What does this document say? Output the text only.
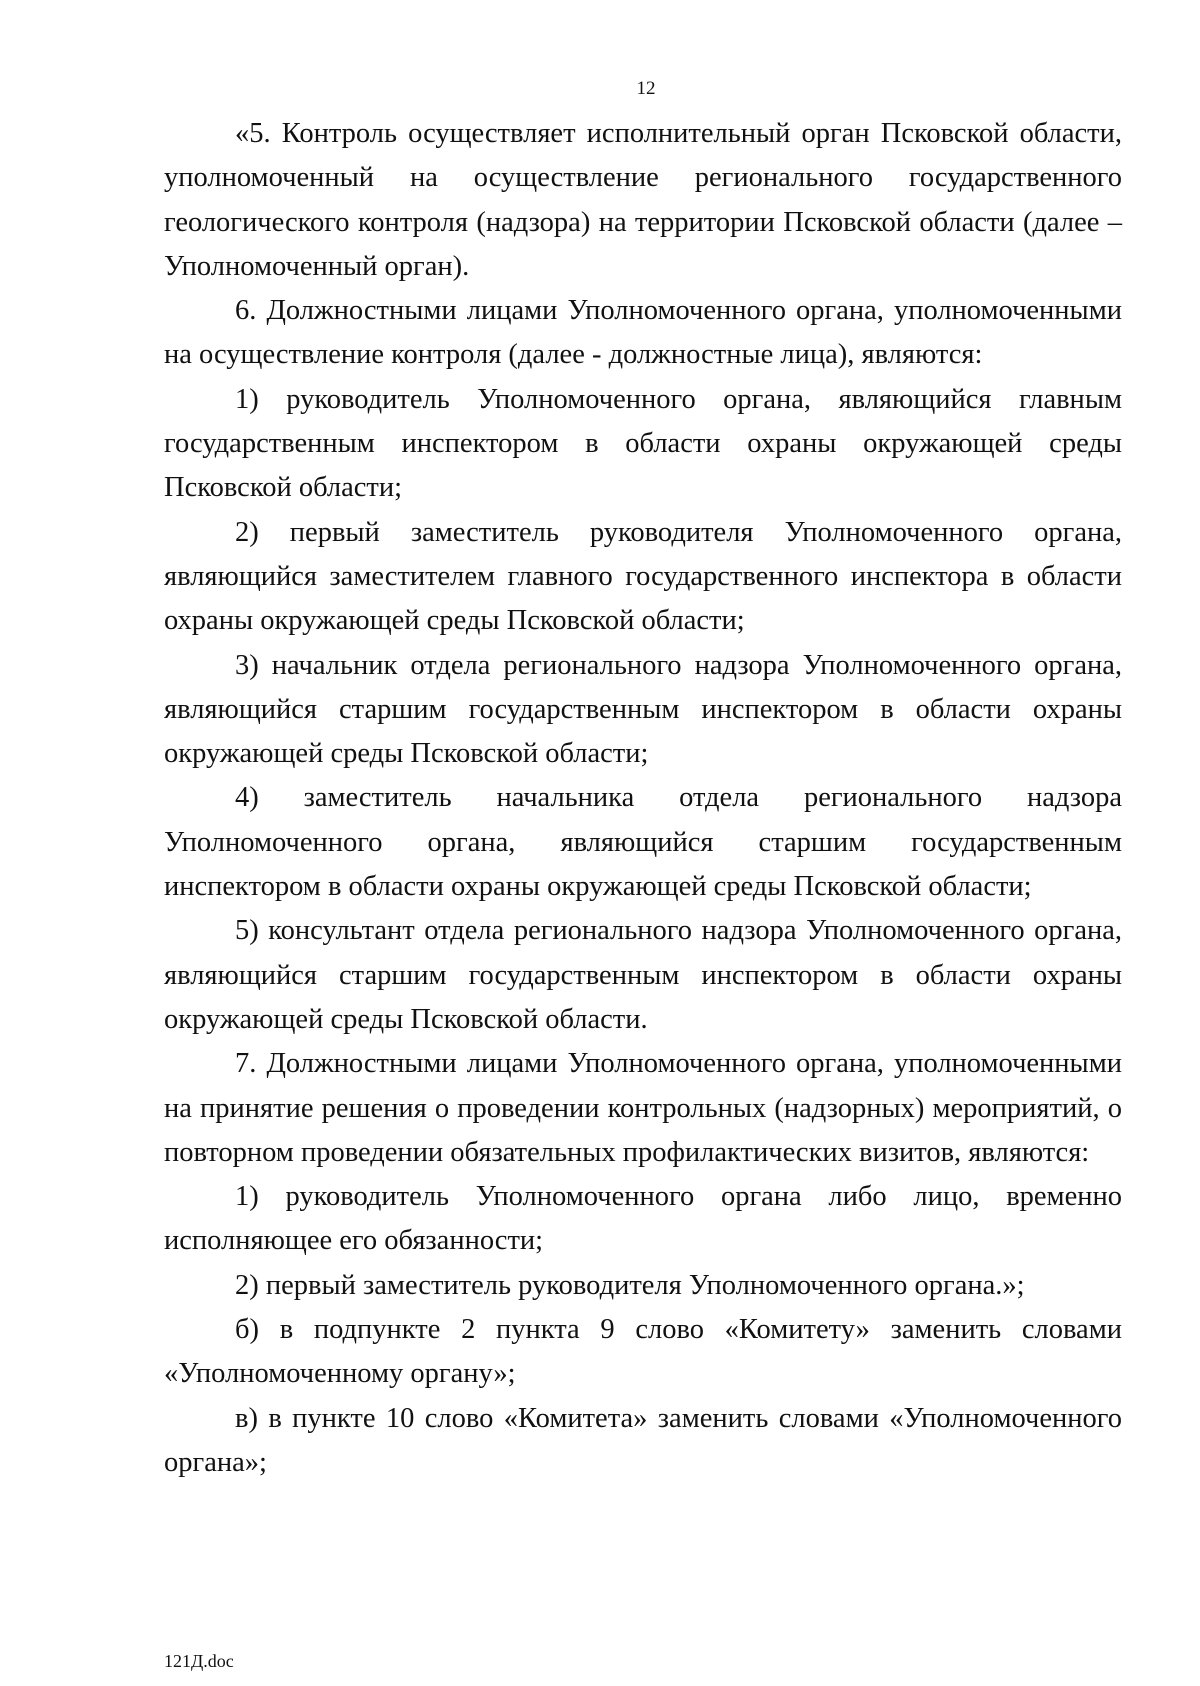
12

«5. Контроль осуществляет исполнительный орган Псковской области, уполномоченный на осуществление регионального государственного геологического контроля (надзора) на территории Псковской области (далее – Уполномоченный орган).

6. Должностными лицами Уполномоченного органа, уполномоченными на осуществление контроля (далее - должностные лица), являются:

1) руководитель Уполномоченного органа, являющийся главным государственным инспектором в области охраны окружающей среды Псковской области;

2) первый заместитель руководителя Уполномоченного органа, являющийся заместителем главного государственного инспектора в области охраны окружающей среды Псковской области;

3) начальник отдела регионального надзора Уполномоченного органа, являющийся старшим государственным инспектором в области охраны окружающей среды Псковской области;

4) заместитель начальника отдела регионального надзора Уполномоченного органа, являющийся старшим государственным инспектором в области охраны окружающей среды Псковской области;

5) консультант отдела регионального надзора Уполномоченного органа, являющийся старшим государственным инспектором в области охраны окружающей среды Псковской области.

7. Должностными лицами Уполномоченного органа, уполномоченными на принятие решения о проведении контрольных (надзорных) мероприятий, о повторном проведении обязательных профилактических визитов, являются:

1) руководитель Уполномоченного органа либо лицо, временно исполняющее его обязанности;

2) первый заместитель руководителя Уполномоченного органа.»;

б) в подпункте 2 пункта 9 слово «Комитету» заменить словами «Уполномоченному органу»;

в) в пункте 10 слово «Комитета» заменить словами «Уполномоченного органа»;

121Д.doc
